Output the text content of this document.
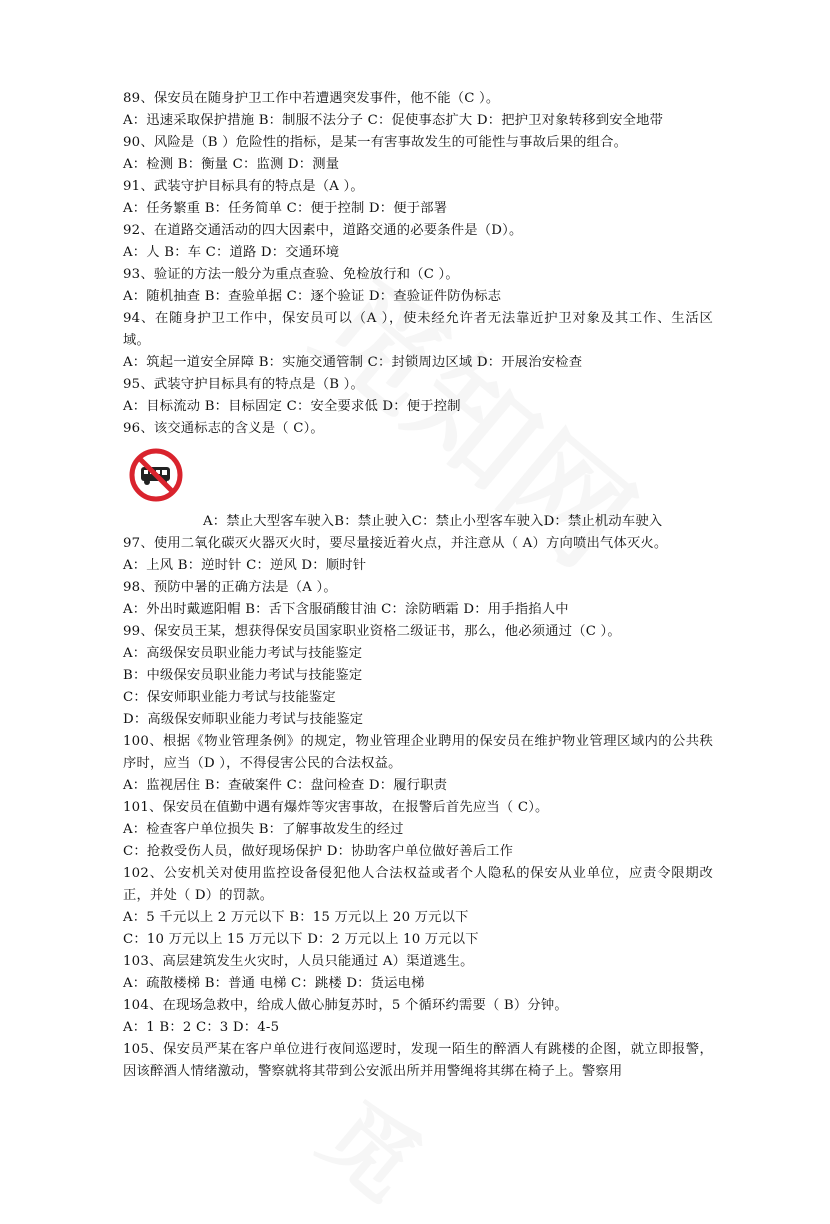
89、保安员在随身护卫工作中若遭遇突发事件，他不能（C ）。
A：迅速采取保护措施 B：制服不法分子 C：促使事态扩大 D：把护卫对象转移到安全地带
90、风险是（B ）危险性的指标，是某一有害事故发生的可能性与事故后果的组合。
A：检测 B：衡量 C：监测 D：测量
91、武装守护目标具有的特点是（A ）。
A：任务繁重 B：任务简单 C：便于控制 D：便于部署
92、在道路交通活动的四大因素中，道路交通的必要条件是（D）。
A：人 B：车 C：道路 D：交通环境
93、验证的方法一般分为重点查验、免检放行和（C ）。
A：随机抽查 B：查验单据 C：逐个验证 D：查验证件防伪标志
94、在随身护卫工作中，保安员可以（A ），使未经允许者无法靠近护卫对象及其工作、生活区域。
A：筑起一道安全屏障 B：实施交通管制 C：封锁周边区域 D：开展治安检查
95、武装守护目标具有的特点是（B ）。
A：目标流动 B：目标固定 C：安全要求低 D：便于控制
96、该交通标志的含义是（ C）。
A：禁止大型客车驶入B：禁止驶入C：禁止小型客车驶入D：禁止机动车驶入
97、使用二氧化碳灭火器灭火时，要尽量接近着火点，并注意从（ A）方向喷出气体灭火。
A：上风 B：逆时针 C：逆风 D：顺时针
98、预防中暑的正确方法是（A ）。
A：外出时戴遮阳帽 B：舌下含服硝酸甘油 C：涂防晒霜 D：用手指掐人中
99、保安员王某，想获得保安员国家职业资格二级证书，那么，他必须通过（C ）。
A：高级保安员职业能力考试与技能鉴定
B：中级保安员职业能力考试与技能鉴定
C：保安师职业能力考试与技能鉴定
D：高级保安师职业能力考试与技能鉴定
100、根据《物业管理条例》的规定，物业管理企业聘用的保安员在维护物业管理区域内的公共秩序时，应当（D ），不得侵害公民的合法权益。
A：监视居住 B：查破案件 C：盘问检查 D：履行职责
101、保安员在值勤中遇有爆炸等灾害事故，在报警后首先应当（ C）。
A：检查客户单位损失 B：了解事故发生的经过
C：抢救受伤人员，做好现场保护 D：协助客户单位做好善后工作
102、公安机关对使用监控设备侵犯他人合法权益或者个人隐私的保安从业单位，应责令限期改正，并处（ D）的罚款。
A：5 千元以上 2 万元以下 B：15 万元以上 20 万元以下
C：10 万元以上 15 万元以下 D：2 万元以上 10 万元以下
103、高层建筑发生火灾时，人员只能通过 A）渠道逃生。
A：疏散楼梯 B：普通 电梯 C：跳楼 D：货运电梯
104、在现场急救中，给成人做心肺复苏时，5 个循环约需要（ B）分钟。
A：1 B：2 C：3 D：4-5
105、保安员严某在客户单位进行夜间巡逻时，发现一陌生的醉酒人有跳楼的企图，就立即报警，因该醉酒人情绪激动，警察就将其带到公安派出所并用警绳将其绑在椅子上。警察用
